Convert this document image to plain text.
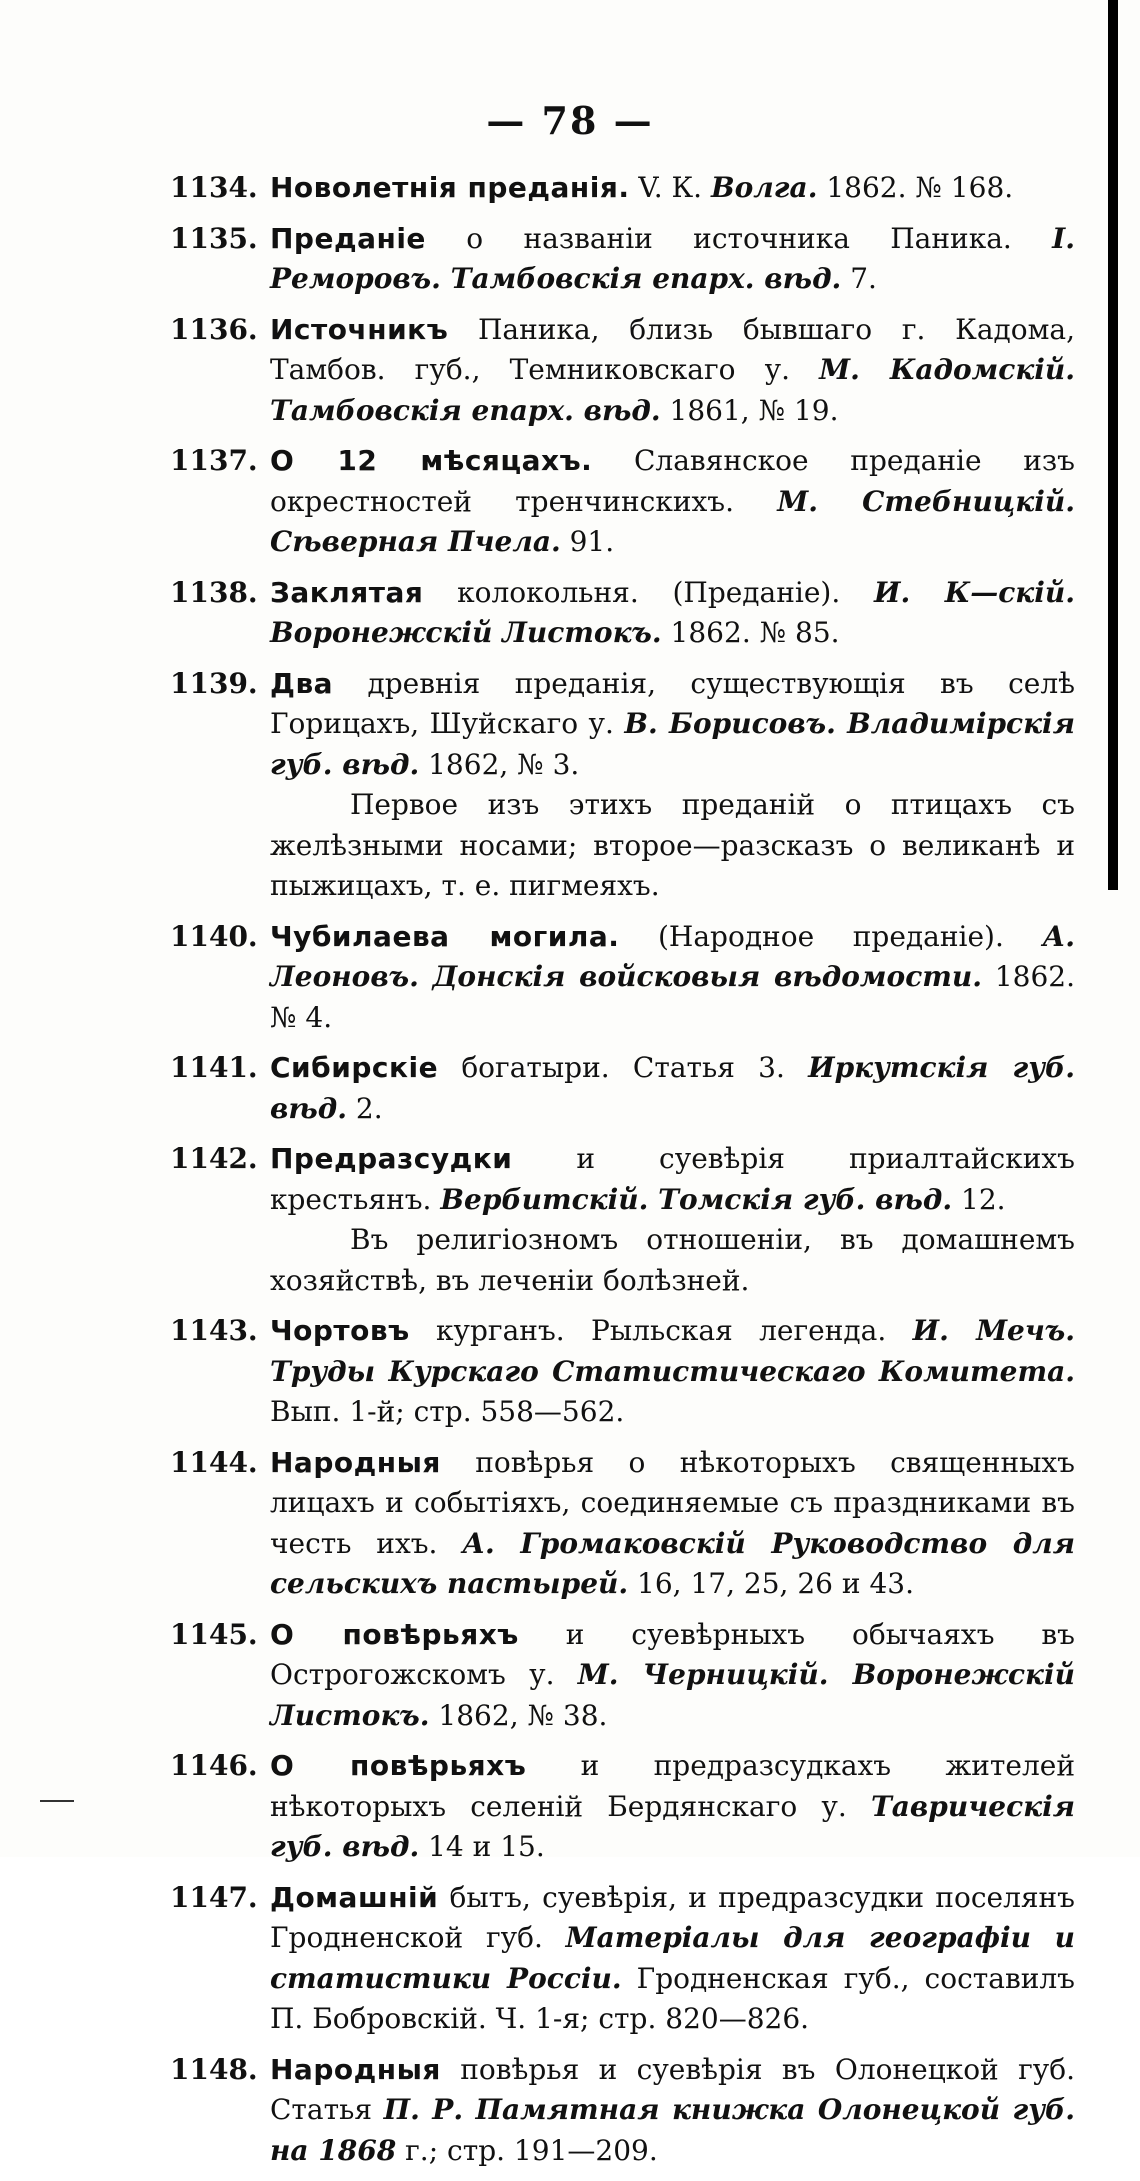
— 78 —
1134. Новолетнiя преданiя. V. К. Волга. 1862. № 168.
1135. Преданiе о названiи источника Паника. I. Реморовъ. Тамбовскiя епарх. вѣд. 7.
1136. Источникъ Паника, близь бывшаго г. Кадома, Тамбов. губ., Темниковскаго у. М. Кадомскiй. Тамбовскiя епарх. вѣд. 1861, № 19.
1137. О 12 мѣсяцахъ. Славянское преданiе изъ окрестностей тренчинскихъ. М. Стебницкiй. Сѣверная Пчела. 91.
1138. Заклятая колокольня. (Преданiе). И. К—скiй. Воронежскiй Листокъ. 1862. № 85.
1139. Два древнiя преданiя, существующiя въ селѣ Горицахъ, Шуйскаго у. В. Борисовъ. Владимiрскiя губ. вѣд. 1862, № 3.
Первое изъ этихъ преданiй о птицахъ съ желѣзными носами; второе—разсказъ о великанѣ и пыжицахъ, т. е. пигмеяхъ.
1140. Чубилаева могила. (Народное преданiе). А. Леоновъ. Донскiя войсковыя вѣдомости. 1862. № 4.
1141. Сибирскiе богатыри. Статья 3. Иркутскiя губ. вѣд. 2.
1142. Предразсудки и суевѣрiя приалтайскихъ крестьянъ. Вербитскiй. Томскiя губ. вѣд. 12.
Въ религiозномъ отношенiи, въ домашнемъ хозяйствѣ, въ леченiи болѣзней.
1143. Чортовъ курганъ. Рыльская легенда. И. Мечъ. Труды Курскаго Статистическаго Комитета. Вып. 1-й; стр. 558—562.
1144. Народныя повѣрья о нѣкоторыхъ священныхъ лицахъ и событiяхъ, соединяемые съ праздниками въ честь ихъ. А. Громаковскiй Руководство для сельскихъ пастырей. 16, 17, 25, 26 и 43.
1145. О повѣрьяхъ и суевѣрныхъ обычаяхъ въ Острогожскомъ у. М. Черницкiй. Воронежскiй Листокъ. 1862, № 38.
1146. О повѣрьяхъ и предразсудкахъ жителей нѣкоторыхъ селенiй Бердянскаго у. Таврическiя губ. вѣд. 14 и 15.
1147. Домашнiй бытъ, суевѣрiя, и предразсудки поселянъ Гродненской губ. Матерiалы для географiи и статистики Россiи. Гродненская губ., составилъ П. Бобровскiй. Ч. 1-я; стр. 820—826.
1148. Народныя повѣрья и суевѣрiя въ Олонецкой губ. Статья П. Р. Памятная книжка Олонецкой губ. на 1868 г.; стр. 191—209.
